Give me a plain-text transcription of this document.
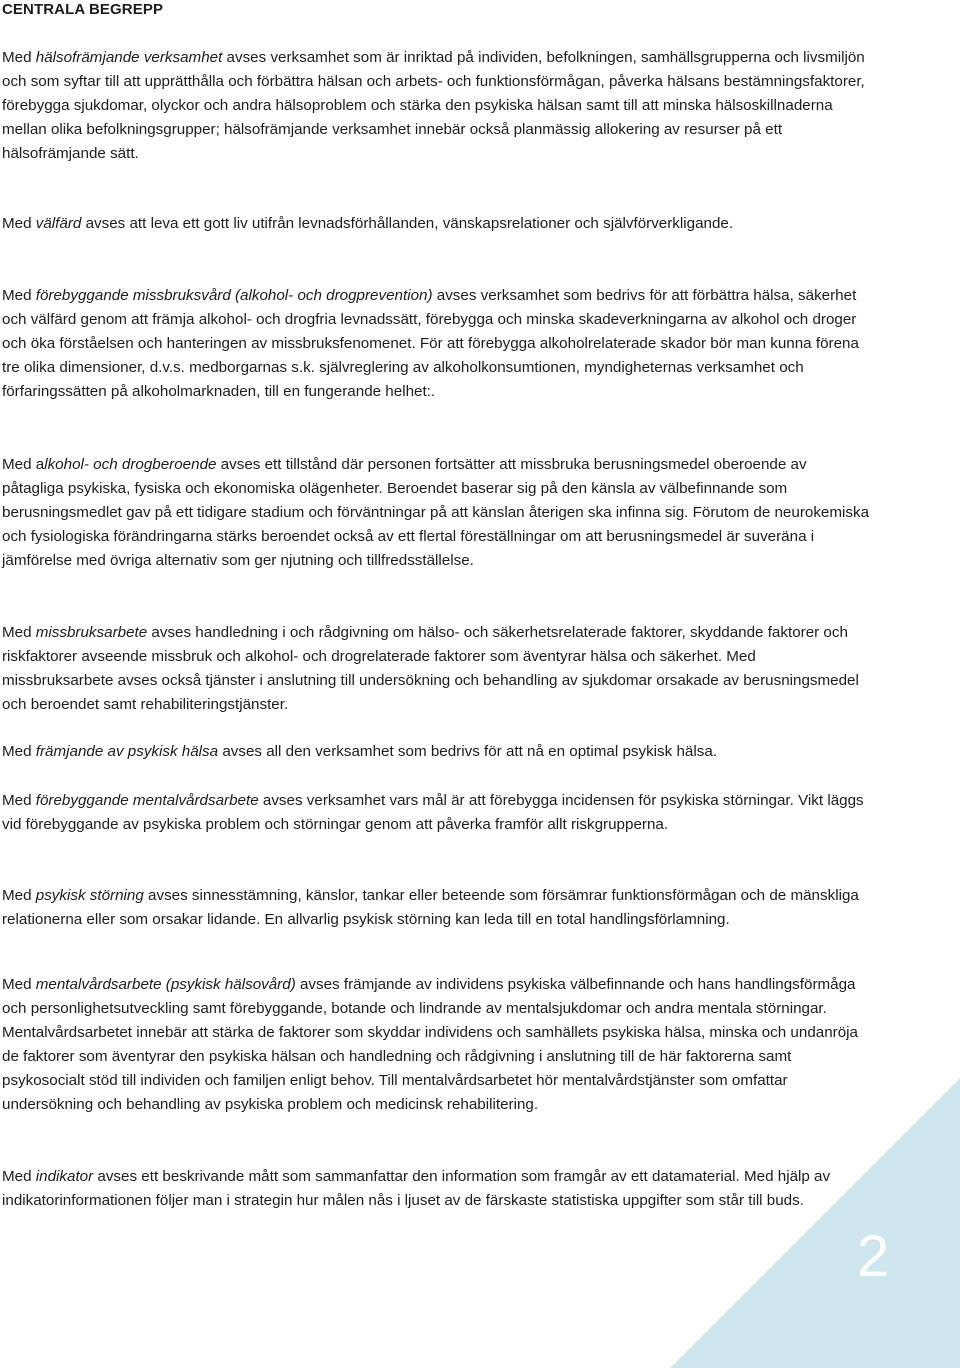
2
CENTRALA BEGREPP

Med hälsofrämjande verksamhet avses verksamhet som är inriktad på individen, befolkningen, samhällsgrupperna och livsmiljön och som syftar till att upprätthålla och förbättra hälsan och arbets- och funktionsförmågan, påverka hälsans bestämningsfaktorer, förebygga sjukdomar, olyckor och andra hälsoproblem och stärka den psykiska hälsan samt till att minska hälsoskillnaderna mellan olika befolkningsgrupper; hälsofrämjande verksamhet innebär också planmässig allokering av resurser på ett hälsofrämjande sätt.

Med välfärd avses att leva ett gott liv utifrån levnadsförhållanden, vänskapsrelationer och självförverkligande.

Med förebyggande missbruksvård (alkohol- och drogprevention) avses verksamhet som bedrivs för att förbättra hälsa, säkerhet och välfärd genom att främja alkohol- och drogfria levnadssätt, förebygga och minska skadeverkningarna av alkohol och droger och öka förståelsen och hanteringen av missbruksfenomenet. För att förebygga alkoholrelaterade skador bör man kunna förena tre olika dimensioner, d.v.s. medborgarnas s.k. självreglering av alkoholkonsumtionen, myndigheternas verksamhet och förfaringssätten på alkoholmarknaden, till en fungerande helhet:.

Med alkohol- och drogberoende avses ett tillstånd där personen fortsätter att missbruka berusningsmedel oberoende av påtagliga psykiska, fysiska och ekonomiska olägenheter. Beroendet baserar sig på den känsla av välbefinnande som berusningsmedlet gav på ett tidigare stadium och förväntningar på att känslan återigen ska infinna sig. Förutom de neurokemiska och fysiologiska förändringarna stärks beroendet också av ett flertal föreställningar om att berusningsmedel är suveräna i jämförelse med övriga alternativ som ger njutning och tillfredsställelse.

Med missbruksarbete avses handledning i och rådgivning om hälso- och säkerhetsrelaterade faktorer, skyddande faktorer och riskfaktorer avseende missbruk och alkohol- och drogrelaterade faktorer som äventyrar hälsa och säkerhet. Med missbruksarbete avses också tjänster i anslutning till undersökning och behandling av sjukdomar orsakade av berusningsmedel och beroendet samt rehabiliteringstjänster.

Med främjande av psykisk hälsa avses all den verksamhet som bedrivs för att nå en optimal psykisk hälsa.

Med förebyggande mentalvårdsarbete avses verksamhet vars mål är att förebygga incidensen för psykiska störningar. Vikt läggs vid förebyggande av psykiska problem och störningar genom att påverka framför allt riskgrupperna.

Med psykisk störning avses sinnesstämning, känslor, tankar eller beteende som försämrar funktionsförmågan och de mänskliga relationerna eller som orsakar lidande. En allvarlig psykisk störning kan leda till en total handlingsförlamning.

Med mentalvårdsarbete (psykisk hälsovård) avses främjande av individens psykiska välbefinnande och hans handlingsförmåga och personlighetsutveckling samt förebyggande, botande och lindrande av mentalsjukdomar och andra mentala störningar. Mentalvårdsarbetet innebär att stärka de faktorer som skyddar individens och samhällets psykiska hälsa, minska och undanröja de faktorer som äventyrar den psykiska hälsan och handledning och rådgivning i anslutning till de här faktorerna samt psykosocialt stöd till individen och familjen enligt behov. Till mentalvårdsarbetet hör mentalvårdstjänster som omfattar undersökning och behandling av psykiska problem och medicinsk rehabilitering.

Med indikator avses ett beskrivande mått som sammanfattar den information som framgår av ett datamaterial. Med hjälp av indikatorinformationen följer man i strategin hur målen nås i ljuset av de färskaste statistiska uppgifter som står till buds.
